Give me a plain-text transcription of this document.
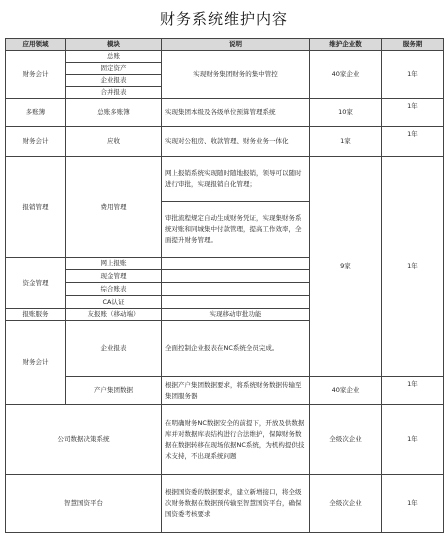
财务系统维护内容
应用领域	模块	说明	维护企业数	服务期	
财务会计	总账	实现财务集团财务的集中管控	40家企业	1年	
	固定资产				
	企业报表				
	合并报表				
多账簿	总账多账簿	实现集团本级及各级单位预算管理系统	10家	1年	
财务会计	应收	实现对公租房、收款管理、财务业务一体化	1家	1年	
报销管理	费用管理	网上报销系统实现随时随地报销，领导可以随时进行审批，实现报销自化管理；	9家	1年	
		审批流程规定自动生成财务凭证，实现集财务系统对账和同城集中付款管理，提高工作效率，全面提升财务管理。			
资金管理	网上报账				
	现金管理				
	综合账表				
	CA认证				
报账服务	友报账（移动端）	实现移动审批功能			
财务会计	企业报表	全面控制企业报表在NC系统全员完成。		
	产户集团数据	根据产户集团数据要求，将系统财务数据传输至集团服务器	40家企业	1年	
公司数据决策系统		在明确财务NC数据安全的前提下，开放及供数据库并对数据库表结构进行合法维护，保障财务数据在数据转移在现场依据NC系统，为机构提供技术支持，不出现系统问题	全级次企业	1年	
智慧国资平台		根据国资委的数据要求，建立新增接口，将全级次财务数据在数据预传输至智慧国资平台，确保国资委考核要求	全级次企业	1年	
